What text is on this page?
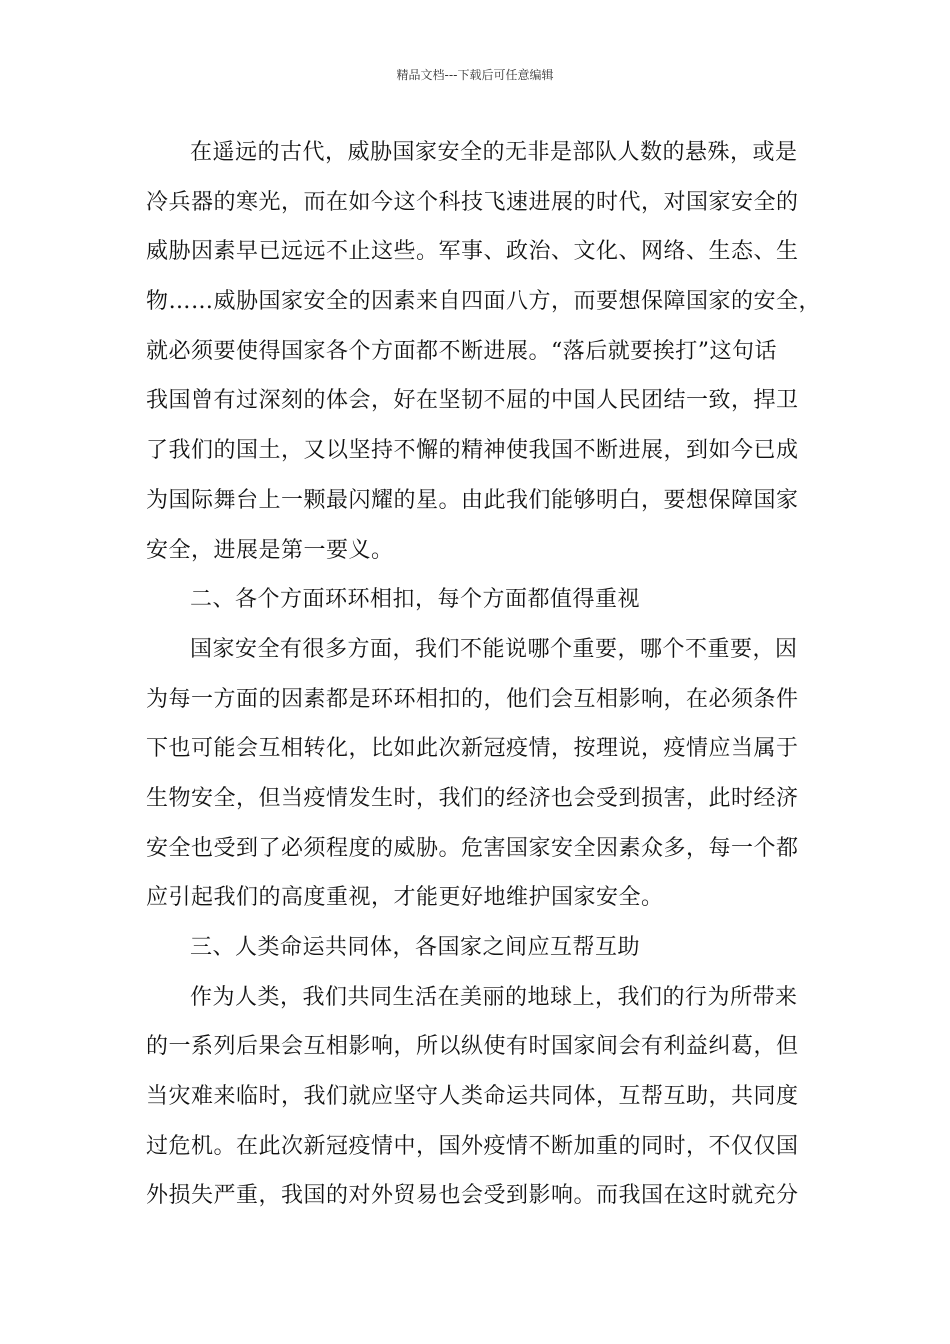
精品文档---下载后可任意编辑
在遥远的古代，威胁国家安全的无非是部队人数的悬殊，或是
冷兵器的寒光，而在如今这个科技飞速进展的时代，对国家安全的
威胁因素早已远远不止这些。军事、政治、文化、网络、生态、生
物……威胁国家安全的因素来自四面八方，而要想保障国家的安全，
就必须要使得国家各个方面都不断进展。“落后就要挨打”这句话
我国曾有过深刻的体会，好在坚韧不屈的中国人民团结一致，捍卫
了我们的国土，又以坚持不懈的精神使我国不断进展，到如今已成
为国际舞台上一颗最闪耀的星。由此我们能够明白，要想保障国家
安全，进展是第一要义。
二、各个方面环环相扣，每个方面都值得重视
国家安全有很多方面，我们不能说哪个重要，哪个不重要，因
为每一方面的因素都是环环相扣的，他们会互相影响，在必须条件
下也可能会互相转化，比如此次新冠疫情，按理说，疫情应当属于
生物安全，但当疫情发生时，我们的经济也会受到损害，此时经济
安全也受到了必须程度的威胁。危害国家安全因素众多，每一个都
应引起我们的高度重视，才能更好地维护国家安全。
三、人类命运共同体，各国家之间应互帮互助
作为人类，我们共同生活在美丽的地球上，我们的行为所带来
的一系列后果会互相影响，所以纵使有时国家间会有利益纠葛，但
当灾难来临时，我们就应坚守人类命运共同体，互帮互助，共同度
过危机。在此次新冠疫情中，国外疫情不断加重的同时，不仅仅国
外损失严重，我国的对外贸易也会受到影响。而我国在这时就充分
